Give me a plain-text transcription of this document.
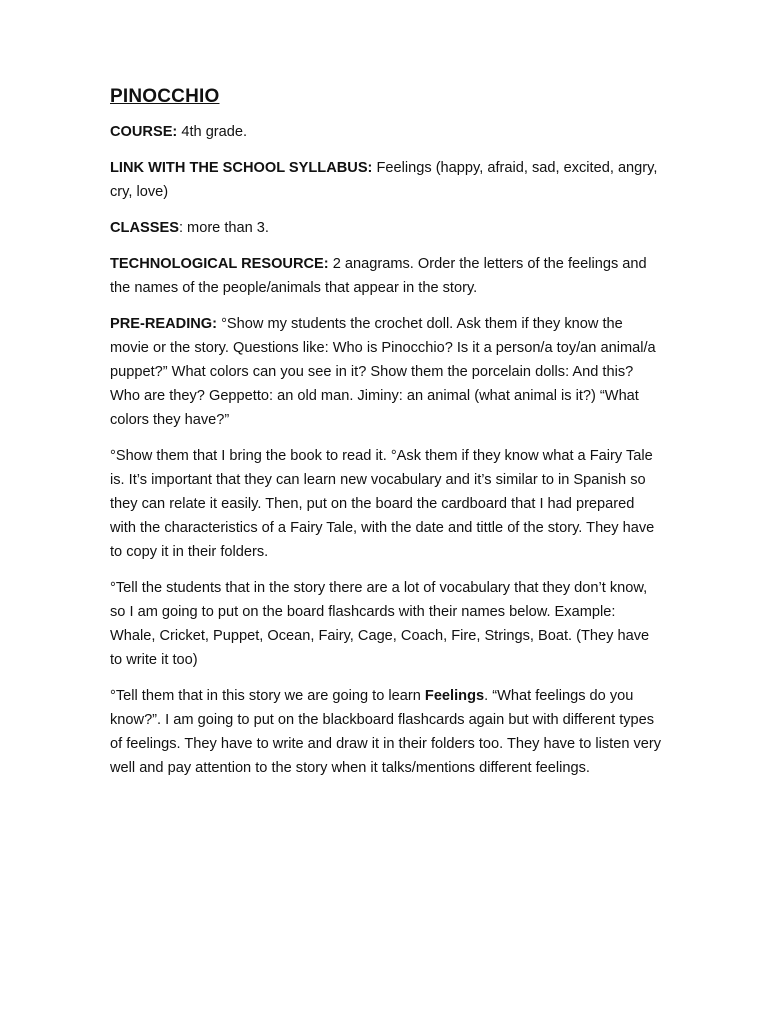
PINOCCHIO

COURSE: 4th grade.

LINK WITH THE SCHOOL SYLLABUS: Feelings (happy, afraid, sad, excited, angry, cry, love)

CLASSES: more than 3.

TECHNOLOGICAL RESOURCE: 2 anagrams. Order the letters of the feelings and the names of the people/animals that appear in the story.

PRE-READING: °Show my students the crochet doll. Ask them if they know the movie or the story. Questions like: Who is Pinocchio? Is it a person/a toy/an animal/a puppet?” What colors can you see in it? Show them the porcelain dolls: And this? Who are they? Geppetto: an old man. Jiminy: an animal (what animal is it?) “What colors they have?”

°Show them that I bring the book to read it. °Ask them if they know what a Fairy Tale is. It’s important that they can learn new vocabulary and it’s similar to in Spanish so they can relate it easily. Then, put on the board the cardboard that I had prepared with the characteristics of a Fairy Tale, with the date and tittle of the story. They have to copy it in their folders.

°Tell the students that in the story there are a lot of vocabulary that they don’t know, so I am going to put on the board flashcards with their names below. Example: Whale, Cricket, Puppet, Ocean, Fairy, Cage, Coach, Fire, Strings, Boat. (They have to write it too)

°Tell them that in this story we are going to learn Feelings. “What feelings do you know?”. I am going to put on the blackboard flashcards again but with different types of feelings. They have to write and draw it in their folders too. They have to listen very well and pay attention to the story when it talks/mentions different feelings.
